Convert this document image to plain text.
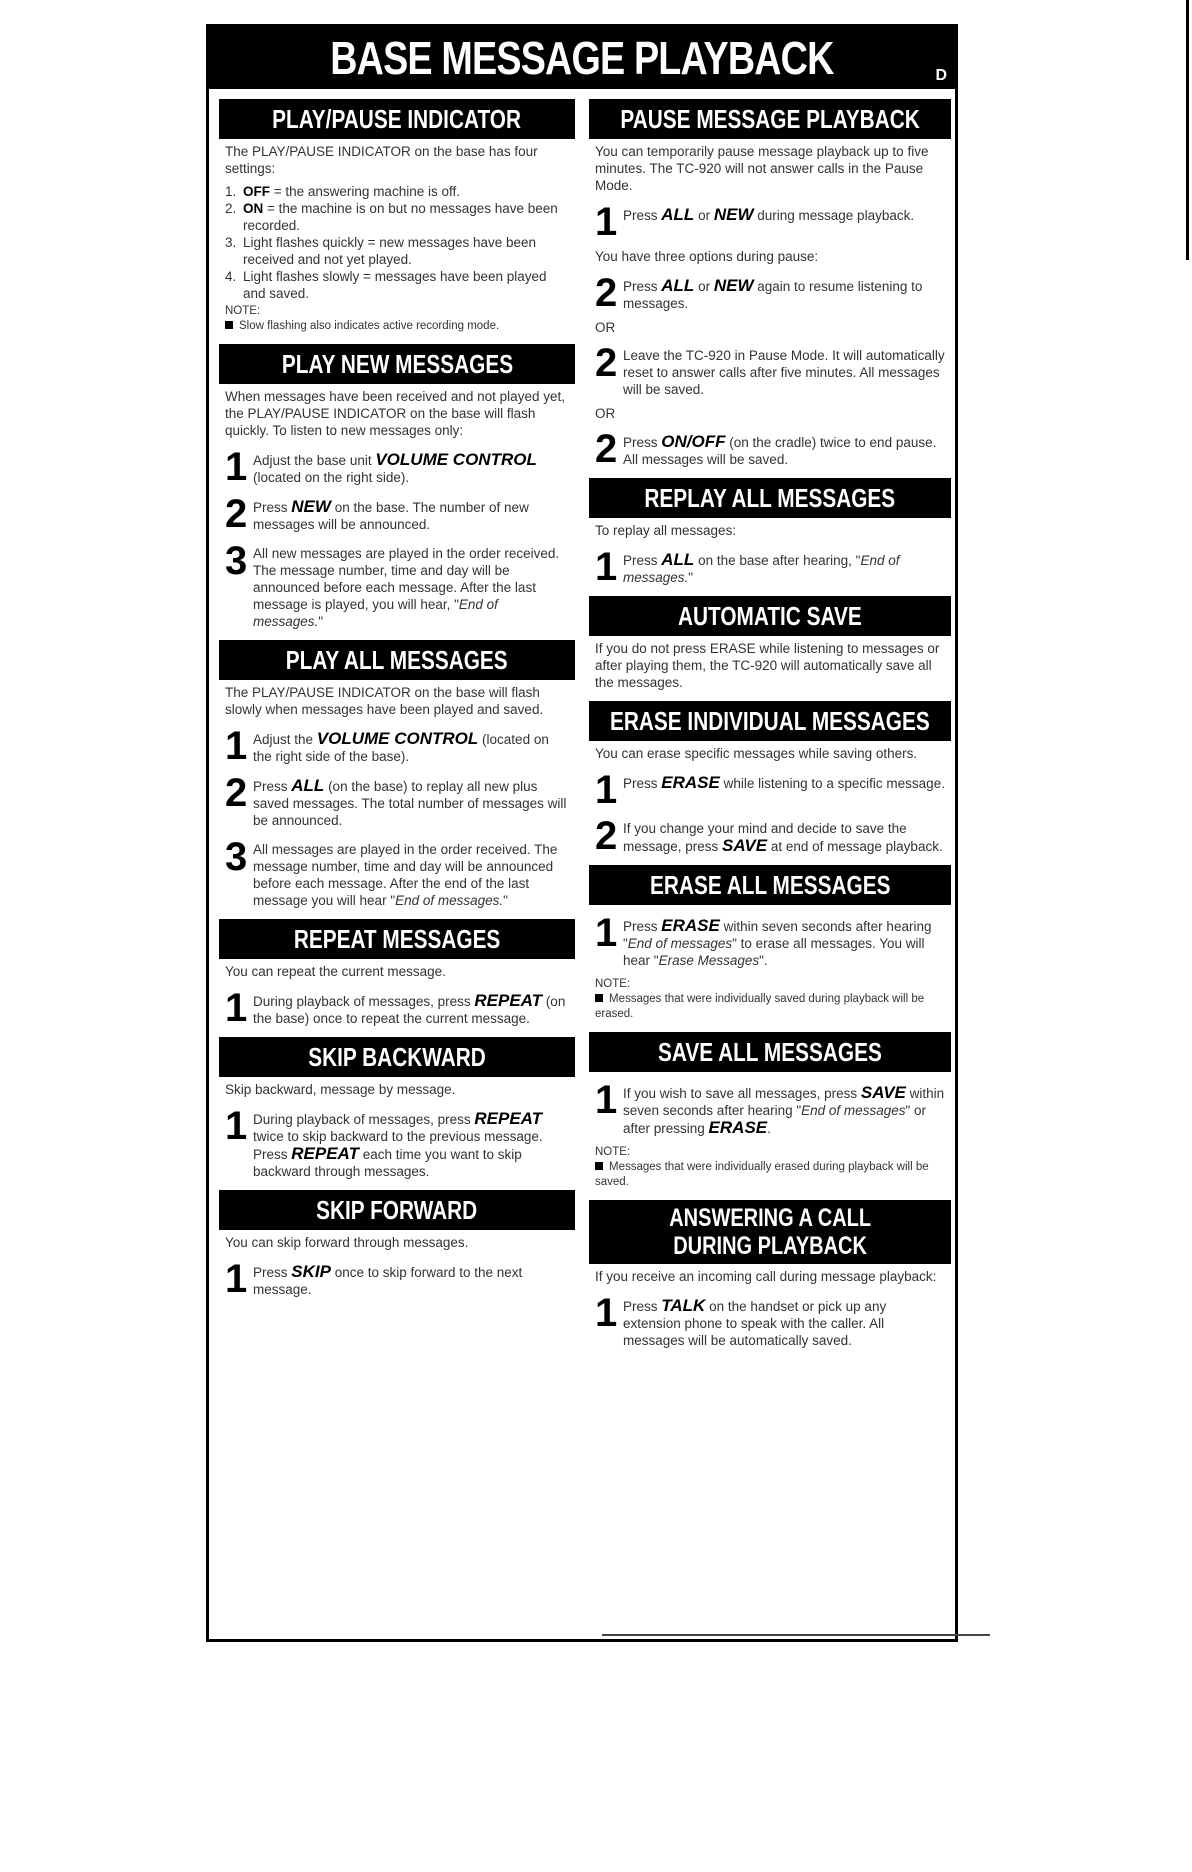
BASE MESSAGE PLAYBACK	D
PLAY/PAUSE INDICATOR
The PLAY/PAUSE INDICATOR on the base has four settings:
1. OFF = the answering machine is off.
2. ON = the machine is on but no messages have been recorded.
3. Light flashes quickly = new messages have been received and not yet played.
4. Light flashes slowly = messages have been played and saved.
NOTE:
Slow flashing also indicates active recording mode.
PLAY NEW MESSAGES
When messages have been received and not played yet, the PLAY/PAUSE INDICATOR on the base will flash quickly. To listen to new messages only:
1 Adjust the base unit VOLUME CONTROL (located on the right side).
2 Press NEW on the base. The number of new messages will be announced.
3 All new messages are played in the order received. The message number, time and day will be announced before each message. After the last message is played, you will hear, "End of messages."
PLAY ALL MESSAGES
The PLAY/PAUSE INDICATOR on the base will flash slowly when messages have been played and saved.
1 Adjust the VOLUME CONTROL (located on the right side of the base).
2 Press ALL (on the base) to replay all new plus saved messages. The total number of messages will be announced.
3 All messages are played in the order received. The message number, time and day will be announced before each message. After the end of the last message you will hear "End of messages."
REPEAT MESSAGES
You can repeat the current message.
1 During playback of messages, press REPEAT (on the base) once to repeat the current message.
SKIP BACKWARD
Skip backward, message by message.
1 During playback of messages, press REPEAT twice to skip backward to the previous message. Press REPEAT each time you want to skip backward through messages.
SKIP FORWARD
You can skip forward through messages.
1 Press SKIP once to skip forward to the next message.
PAUSE MESSAGE PLAYBACK
You can temporarily pause message playback up to five minutes. The TC-920 will not answer calls in the Pause Mode.
1 Press ALL or NEW during message playback.
You have three options during pause:
2 Press ALL or NEW again to resume listening to messages.
OR
2 Leave the TC-920 in Pause Mode. It will automatically reset to answer calls after five minutes. All messages will be saved.
OR
2 Press ON/OFF (on the cradle) twice to end pause. All messages will be saved.
REPLAY ALL MESSAGES
To replay all messages:
1 Press ALL on the base after hearing, "End of messages."
AUTOMATIC SAVE
If you do not press ERASE while listening to messages or after playing them, the TC-920 will automatically save all the messages.
ERASE INDIVIDUAL MESSAGES
You can erase specific messages while saving others.
1 Press ERASE while listening to a specific message.
2 If you change your mind and decide to save the message, press SAVE at end of message playback.
ERASE ALL MESSAGES
1 Press ERASE within seven seconds after hearing "End of messages" to erase all messages. You will hear "Erase Messages".
NOTE:
Messages that were individually saved during playback will be erased.
SAVE ALL MESSAGES
1 If you wish to save all messages, press SAVE within seven seconds after hearing "End of messages" or after pressing ERASE.
NOTE:
Messages that were individually erased during playback will be saved.
ANSWERING A CALL
DURING PLAYBACK
If you receive an incoming call during message playback:
1 Press TALK on the handset or pick up any extension phone to speak with the caller. All messages will be automatically saved.
